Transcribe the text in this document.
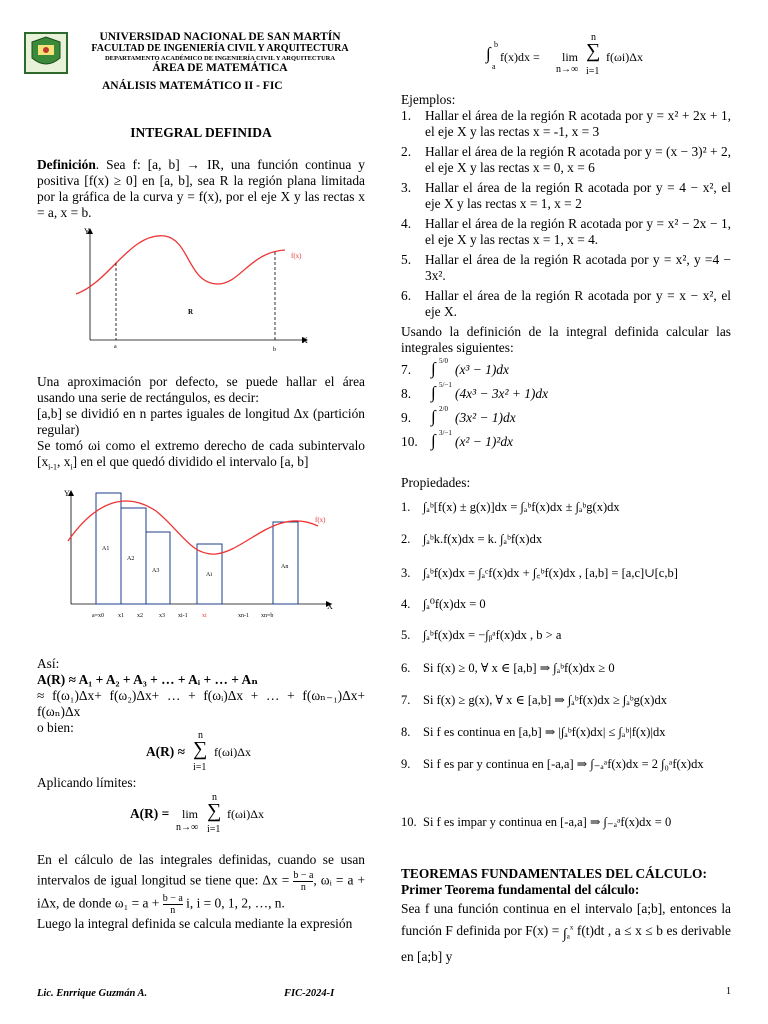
UNIVERSIDAD NACIONAL DE SAN MARTÍN
FACULTAD DE INGENIERÍA CIVIL Y ARQUITECTURA
DEPARTAMENTO ACADÉMICO DE INGENIERÍA CIVIL Y ARQUITECTURA
ÁREA DE MATEMÁTICA
ANÁLISIS MATEMÁTICO II - FIC
INTEGRAL DEFINIDA
Definición. Sea f: [a, b] → IR, una función continua y positiva [f(x) ≥ 0] en [a, b], sea R la región plana limitada por la gráfica de la curva y = f(x), por el eje X y las rectas x = a, x = b.
Y
X
f(x)
R
a	b
Una aproximación por defecto, se puede hallar el área usando una serie de rectángulos, es decir:
[a,b] se dividió en n partes iguales de longitud Δx (partición regular)
Se tomó ωi como el extremo derecho de cada subintervalo [$x_{i-1}$, $x_i$] en el que quedó dividido el intervalo [a, b]
Y
X
f(x)
A1
A2
A3
Ai
An
a=x0 x1 x2	x3 xi-1 xi	xn-1 xn=b
Así:
A(R) ≈ A₁ + A₂ + A₃ + … + Aᵢ + … + Aₙ
≈ f(ω₁)Δx+ f(ω₂)Δx+ … + f(ωᵢ)Δx + … + f(ωₙ₋₁)Δx+ f(ωₙ)Δx
o bien:
A(R) ≈
n
∑
i=1
f(ωi)Δx
Aplicando límites:
A(R) = lim
n→∞
n
∑
i=1
f(ωi)Δx
En el cálculo de las integrales definidas, cuando se usan intervalos de igual longitud se tiene que: $\Delta x = \frac{b - a}{n}$ , ωᵢ = a + iΔx, de donde $\omega_1 = a + \frac{b - a}{n} i$, i = 0, 1, 2, …, n.
Luego la integral definida se calcula mediante la expresión
∫ b
a
f(x)dx = lim
n→∞
n
∑
i=1
f(ωi)Δx
Ejemplos:
1. Hallar el área de la región R acotada por y = x² + 2x + 1, el eje X y las rectas x = -1, x = 3
2. Hallar el área de la región R acotada por y = (x − 3)² + 2, el eje X y las rectas x = 0, x = 6
3. Hallar el área de la región R acotada por y = 4 − x², el eje X y las rectas x = 1, x = 2
4. Hallar el área de la región R acotada por y = x² − 2x − 1, el eje X y las rectas x = 1, x = 4.
5. Hallar el área de la región R acotada por y = x², y =4 − 3x².
6. Hallar el área de la región R acotada por y = x − x², el eje X.
Usando la definición de la integral definida calcular las integrales siguientes:
7. ∫ 5/0
(x³ − 1)dx
8. ∫ 5/−1
(4x³ − 3x² + 1)dx
9. ∫ 2/0
(3x² − 1)dx
10. ∫ 3/−1
(x² − 1)²dx
Propiedades:
1. ∫ₐᵇ[f(x) ± g(x)]dx = ∫ₐᵇf(x)dx ± ∫ₐᵇg(x)dx
2. ∫ₐᵇk.f(x)dx = k. ∫ₐᵇf(x)dx
3. ∫ₐᵇf(x)dx = ∫ₐᶜf(x)dx + ∫꜀ᵇf(x)dx , [a,b] = [a,c]∪[c,b]
4. ∫ₐ⁰f(x)dx = 0
5. ∫ₐᵇf(x)dx = −∫ᵦᵃf(x)dx , b > a
6. Si f(x) ≥ 0, ∀ x ∈ [a,b] ⇒ ∫ₐᵇf(x)dx ≥ 0
7. Si f(x) ≥ g(x), ∀ x ∈ [a,b] ⇒ ∫ₐᵇf(x)dx ≥ ∫ₐᵇg(x)dx
8. Si f es continua en [a,b] ⇒ |∫ₐᵇf(x)dx| ≤ ∫ₐᵇ|f(x)|dx
9. Si f es par y continua en [-a,a] ⇒ ∫₋ₐᵃf(x)dx = 2 ∫₀ᵃf(x)dx
10. Si f es impar y continua en [-a,a] ⇒ ∫₋ₐᵃf(x)dx = 0
TEOREMAS FUNDAMENTALES DEL CÁLCULO:
Primer Teorema fundamental del cálculo:
Sea f una función continua en el intervalo [a;b], entonces la función F definida por $F(x) = \int_a^x$ f(t)dt , a ≤ x ≤ b es derivable en [a;b] y
Lic. Enrrique Guzmán A.	FIC-2024-I	1
